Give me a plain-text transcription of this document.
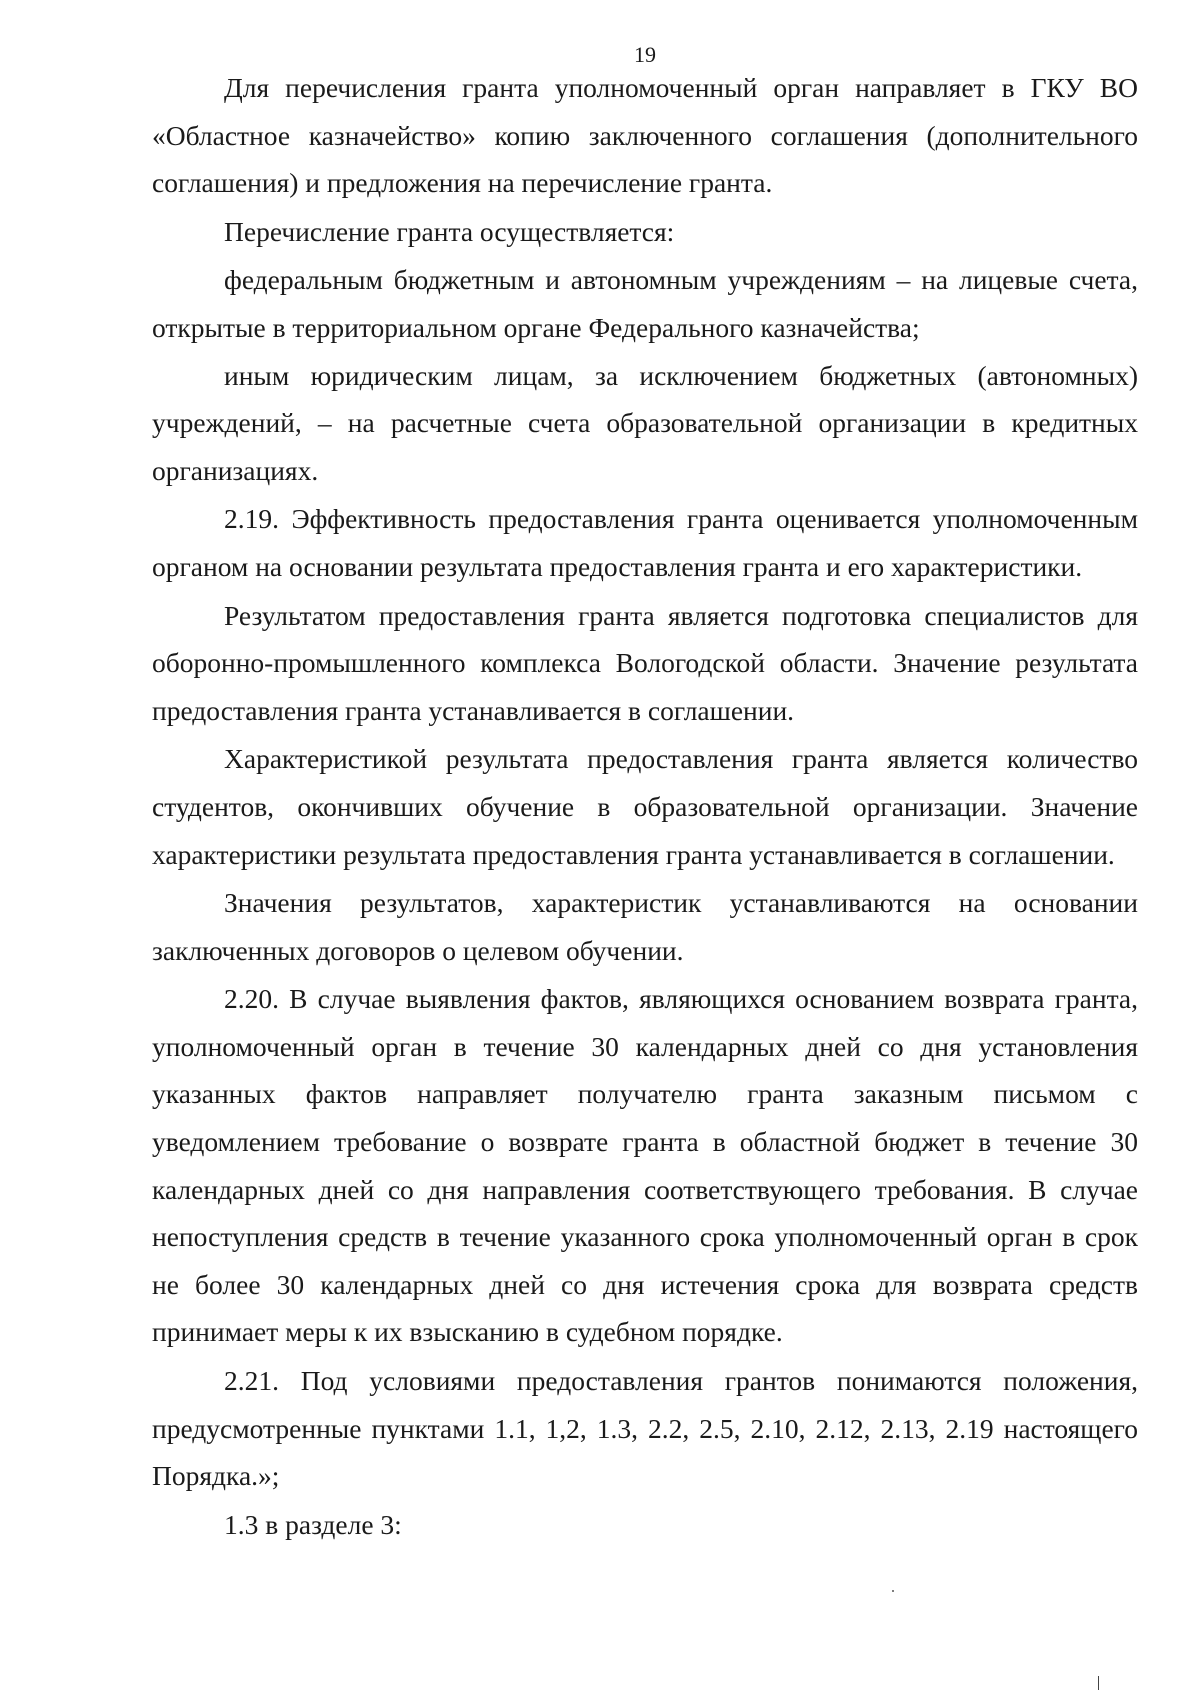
19

Для перечисления гранта уполномоченный орган направляет в ГКУ ВО «Областное казначейство» копию заключенного соглашения (дополнительного соглашения) и предложения на перечисление гранта.

Перечисление гранта осуществляется:

федеральным бюджетным и автономным учреждениям – на лицевые счета, открытые в территориальном органе Федерального казначейства;

иным юридическим лицам, за исключением бюджетных (автономных) учреждений, – на расчетные счета образовательной организации в кредитных организациях.

2.19. Эффективность предоставления гранта оценивается уполномоченным органом на основании результата предоставления гранта и его характеристики.

Результатом предоставления гранта является подготовка специалистов для оборонно-промышленного комплекса Вологодской области. Значение результата предоставления гранта устанавливается в соглашении.

Характеристикой результата предоставления гранта является количество студентов, окончивших обучение в образовательной организации. Значение характеристики результата предоставления гранта устанавливается в соглашении.

Значения результатов, характеристик устанавливаются на основании заключенных договоров о целевом обучении.

2.20. В случае выявления фактов, являющихся основанием возврата гранта, уполномоченный орган в течение 30 календарных дней со дня установления указанных фактов направляет получателю гранта заказным письмом с уведомлением требование о возврате гранта в областной бюджет в течение 30 календарных дней со дня направления соответствующего требования. В случае непоступления средств в течение указанного срока уполномоченный орган в срок не более 30 календарных дней со дня истечения срока для возврата средств принимает меры к их взысканию в судебном порядке.

2.21. Под условиями предоставления грантов понимаются положения, предусмотренные пунктами 1.1, 1,2, 1.3, 2.2, 2.5, 2.10, 2.12, 2.13, 2.19 настоящего Порядка.»;

1.3 в разделе 3:
